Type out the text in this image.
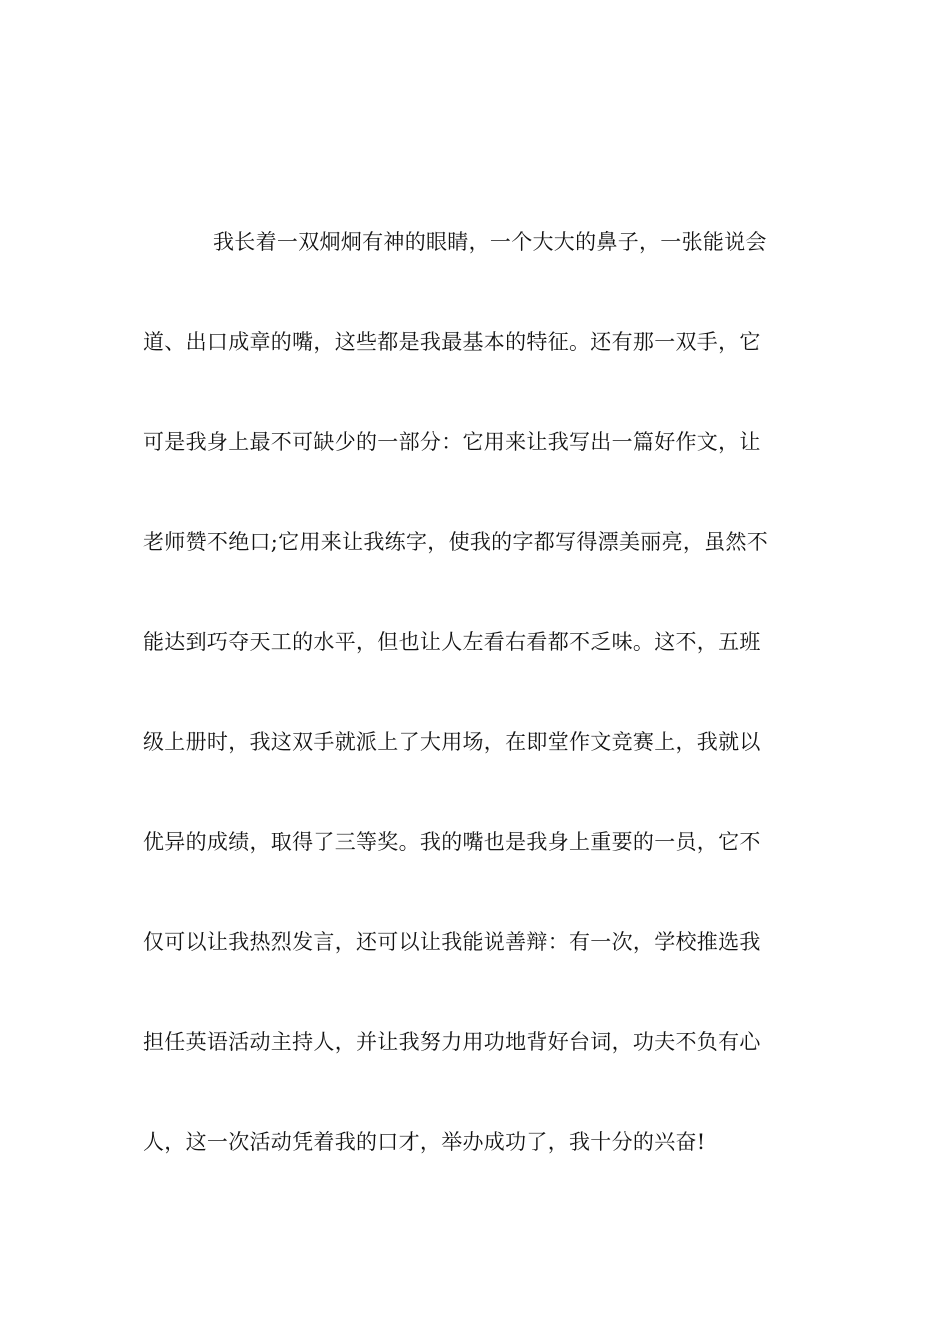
我长着一双炯炯有神的眼睛，一个大大的鼻子，一张能说会
道、出口成章的嘴，这些都是我最基本的特征。还有那一双手，它
可是我身上最不可缺少的一部分：它用来让我写出一篇好作文，让
老师赞不绝口;它用来让我练字，使我的字都写得漂美丽亮，虽然不
能达到巧夺天工的水平，但也让人左看右看都不乏味。这不，五班
级上册时，我这双手就派上了大用场，在即堂作文竞赛上，我就以
优异的成绩，取得了三等奖。我的嘴也是我身上重要的一员，它不
仅可以让我热烈发言，还可以让我能说善辩：有一次，学校推选我
担任英语活动主持人，并让我努力用功地背好台词，功夫不负有心
人，这一次活动凭着我的口才，举办成功了，我十分的兴奋!
